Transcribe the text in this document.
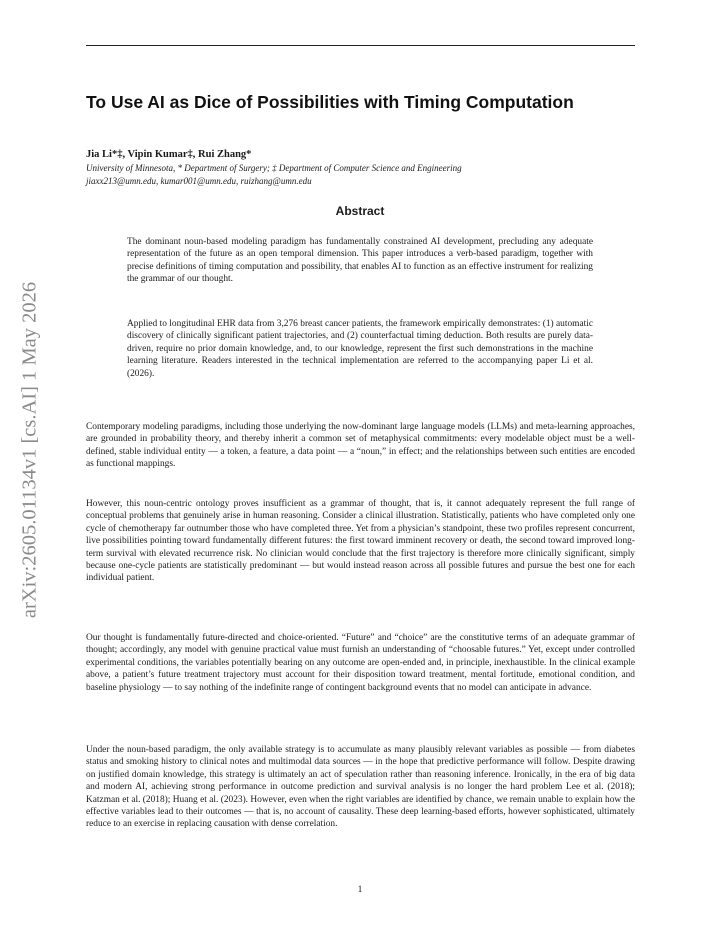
arXiv:2605.01134v1 [cs.AI] 1 May 2026
To Use AI as Dice of Possibilities with Timing Computation
Jia Li*‡, Vipin Kumar‡, Rui Zhang*
University of Minnesota, * Department of Surgery; ‡ Department of Computer Science and Engineering
jiaxx213@umn.edu, kumar001@umn.edu, ruizhang@umn.edu
Abstract

The dominant noun-based modeling paradigm has fundamentally constrained AI development, precluding any adequate representation of the future as an open temporal dimension. This paper introduces a verb-based paradigm, together with precise definitions of timing computation and possibility, that enables AI to function as an effective instrument for realizing the grammar of our thought.

Applied to longitudinal EHR data from 3,276 breast cancer patients, the framework empirically demonstrates: (1) automatic discovery of clinically significant patient trajectories, and (2) counterfactual timing deduction. Both results are purely data-driven, require no prior domain knowledge, and, to our knowledge, represent the first such demonstrations in the machine learning literature. Readers interested in the technical implementation are referred to the accompanying paper Li et al. (2026).

Contemporary modeling paradigms, including those underlying the now-dominant large language models (LLMs) and meta-learning approaches, are grounded in probability theory, and thereby inherit a common set of metaphysical commitments: every modelable object must be a well-defined, stable individual entity — a token, a feature, a data point — a “noun,” in effect; and the relationships between such entities are encoded as functional mappings.

However, this noun-centric ontology proves insufficient as a grammar of thought, that is, it cannot adequately represent the full range of conceptual problems that genuinely arise in human reasoning. Consider a clinical illustration. Statistically, patients who have completed only one cycle of chemotherapy far outnumber those who have completed three. Yet from a physician’s standpoint, these two profiles represent concurrent, live possibilities pointing toward fundamentally different futures: the first toward imminent recovery or death, the second toward improved long-term survival with elevated recurrence risk. No clinician would conclude that the first trajectory is therefore more clinically significant, simply because one-cycle patients are statistically predominant — but would instead reason across all possible futures and pursue the best one for each individual patient.

Our thought is fundamentally future-directed and choice-oriented. “Future” and “choice” are the constitutive terms of an adequate grammar of thought; accordingly, any model with genuine practical value must furnish an understanding of “choosable futures.” Yet, except under controlled experimental conditions, the variables potentially bearing on any outcome are open-ended and, in principle, inexhaustible. In the clinical example above, a patient’s future treatment trajectory must account for their disposition toward treatment, mental fortitude, emotional condition, and baseline physiology — to say nothing of the indefinite range of contingent background events that no model can anticipate in advance.

Under the noun-based paradigm, the only available strategy is to accumulate as many plausibly relevant variables as possible — from diabetes status and smoking history to clinical notes and multimodal data sources — in the hope that predictive performance will follow. Despite drawing on justified domain knowledge, this strategy is ultimately an act of speculation rather than reasoning inference. Ironically, in the era of big data and modern AI, achieving strong performance in outcome prediction and survival analysis is no longer the hard problem Lee et al. (2018); Katzman et al. (2018); Huang et al. (2023). However, even when the right variables are identified by chance, we remain unable to explain how the effective variables lead to their outcomes — that is, no account of causality. These deep learning-based efforts, however sophisticated, ultimately reduce to an exercise in replacing causation with dense correlation.

1
